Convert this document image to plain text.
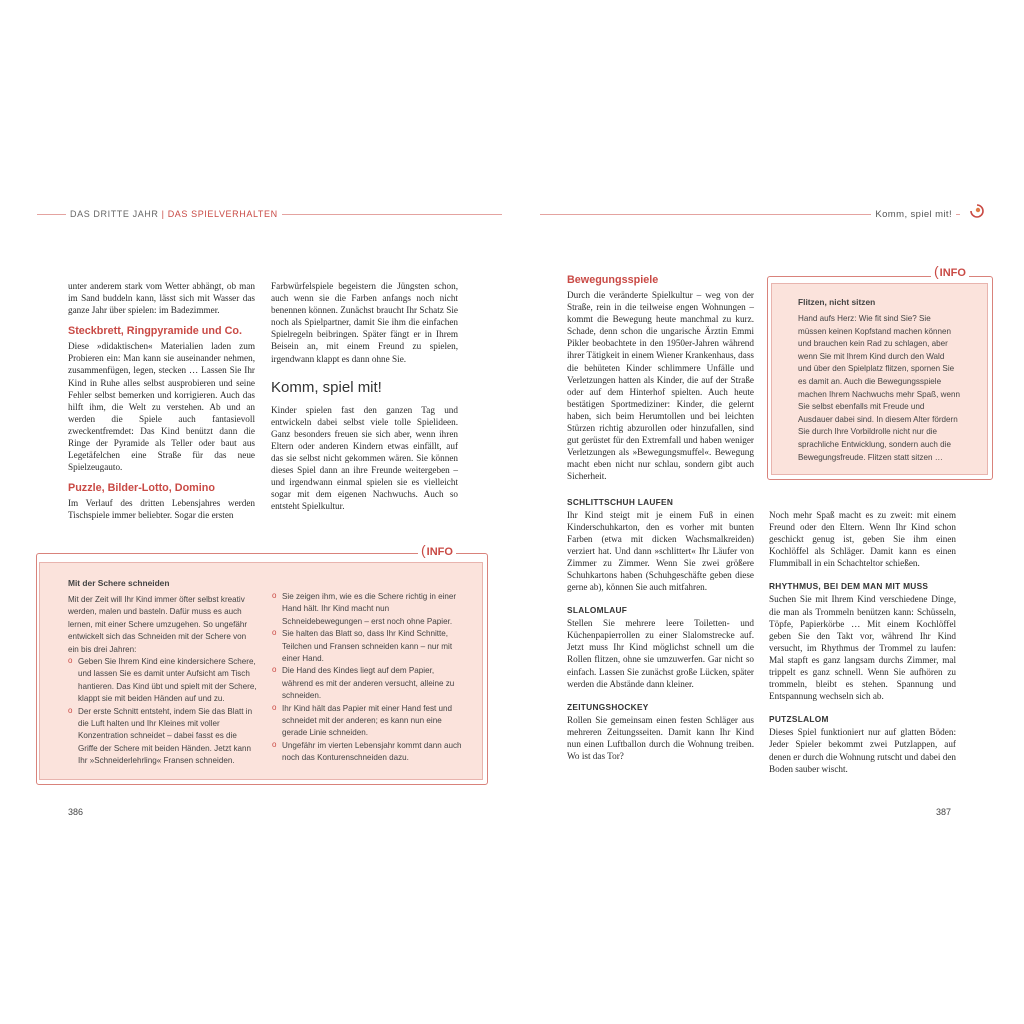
DAS DRITTE JAHR | DAS SPIELVERHALTEN	Komm, spiel mit!

unter anderem stark vom Wetter abhängt, ob man im Sand buddeln kann, lässt sich mit Wasser das ganze Jahr über spielen: im Badezimmer.

Steckbrett, Ringpyramide und Co.

Diese »didaktischen« Materialien laden zum Probieren ein: Man kann sie auseinander nehmen, zusammenfügen, legen, stecken … Lassen Sie Ihr Kind in Ruhe alles selbst ausprobieren und seine Fehler selbst bemerken und korrigieren. Auch das hilft ihm, die Welt zu verstehen. Ab und an werden die Spiele auch fantasievoll zweckentfremdet: Das Kind benützt dann die Ringe der Pyramide als Teller oder baut aus Legetäfelchen eine Straße für das neue Spielzeugauto.

Puzzle, Bilder-Lotto, Domino

Im Verlauf des dritten Lebensjahres werden Tischspiele immer beliebter. Sogar die ersten

Farbwürfelspiele begeistern die Jüngsten schon, auch wenn sie die Farben anfangs noch nicht benennen können. Zunächst braucht Ihr Schatz Sie noch als Spielpartner, damit Sie ihm die einfachen Spielregeln beibringen. Später fängt er in Ihrem Beisein an, mit einem Freund zu spielen, irgendwann klappt es dann ohne Sie.

Komm, spiel mit!

Kinder spielen fast den ganzen Tag und entwickeln dabei selbst viele tolle Spielideen. Ganz besonders freuen sie sich aber, wenn ihren Eltern oder anderen Kindern etwas einfällt, auf das sie selbst nicht gekommen wären. Sie können dieses Spiel dann an ihre Freunde weitergeben – und irgendwann einmal spielen sie es vielleicht sogar mit dem eigenen Nachwuchs. Auch so entsteht Spielkultur.

Mit der Schere schneiden
Mit der Zeit will Ihr Kind immer öfter selbst kreativ werden, malen und basteln. Dafür muss es auch lernen, mit einer Schere umzugehen. So ungefähr entwickelt sich das Schneiden mit der Schere von ein bis drei Jahren:
o Geben Sie Ihrem Kind eine kindersichere Schere, und lassen Sie es damit unter Aufsicht am Tisch hantieren. Das Kind übt und spielt mit der Schere, klappt sie mit beiden Händen auf und zu.
o Der erste Schnitt entsteht, indem Sie das Blatt in die Luft halten und Ihr Kleines mit voller Konzentration schneidet – dabei fasst es die Griffe der Schere mit beiden Händen. Jetzt kann Ihr »Schneiderlehrling« Fransen schneiden.
o Sie zeigen ihm, wie es die Schere richtig in einer Hand hält. Ihr Kind macht nun Schneidebewegungen – erst noch ohne Papier.
o Sie halten das Blatt so, dass Ihr Kind Schnitte, Teilchen und Fransen schneiden kann – nur mit einer Hand.
o Die Hand des Kindes liegt auf dem Papier, während es mit der anderen versucht, alleine zu schneiden.
o Ihr Kind hält das Papier mit einer Hand fest und schneidet mit der anderen; es kann nun eine gerade Linie schneiden.
o Ungefähr im vierten Lebensjahr kommt dann auch noch das Konturenschneiden dazu.
(INFO
386
Bewegungsspiele

Durch die veränderte Spielkultur – weg von der Straße, rein in die teilweise engen Wohnungen – kommt die Bewegung heute manchmal zu kurz. Schade, denn schon die ungarische Ärztin Emmi Pikler beobachtete in den 1950er-Jahren während ihrer Tätigkeit in einem Wiener Krankenhaus, dass die behüteten Kinder schlimmere Unfälle und Verletzungen hatten als Kinder, die auf der Straße oder auf dem Hinterhof spielten. Auch heute bestätigen Sportmediziner: Kinder, die gelernt haben, sich beim Herumtollen und bei leichten Stürzen richtig abzurollen oder hinzufallen, sind gut gerüstet für den Extremfall und haben weniger Verletzungen als »Bewegungsmuffel«. Bewegung macht eben nicht nur schlau, sondern gibt auch Sicherheit.

SCHLITTSCHUH LAUFEN

Ihr Kind steigt mit je einem Fuß in einen Kinderschuhkarton, den es vorher mit bunten Farben (etwa mit dicken Wachsmalkreiden) verziert hat. Und dann »schlittert« Ihr Läufer von Zimmer zu Zimmer. Wenn Sie zwei größere Schuhkartons haben (Schuhgeschäfte geben diese gerne ab), können Sie auch mitfahren.

SLALOMLAUF

Stellen Sie mehrere leere Toiletten- und Küchenpapierrollen zu einer Slalomstrecke auf. Jetzt muss Ihr Kind möglichst schnell um die Rollen flitzen, ohne sie umzuwerfen. Gar nicht so einfach. Lassen Sie zunächst große Lücken, später werden die Abstände dann kleiner.

ZEITUNGSHOCKEY

Rollen Sie gemeinsam einen festen Schläger aus mehreren Zeitungsseiten. Damit kann Ihr Kind nun einen Luftballon durch die Wohnung treiben. Wo ist das Tor?

Flitzen, nicht sitzen
Hand aufs Herz: Wie fit sind Sie? Sie müssen keinen Kopfstand machen können und brauchen kein Rad zu schlagen, aber wenn Sie mit Ihrem Kind durch den Wald und über den Spielplatz flitzen, spornen Sie es damit an. Auch die Bewegungsspiele machen Ihrem Nachwuchs mehr Spaß, wenn Sie selbst ebenfalls mit Freude und Ausdauer dabei sind. In diesem Alter fördern Sie durch Ihre Vorbildrolle nicht nur die sprachliche Entwicklung, sondern auch die Bewegungsfreude. Flitzen statt sitzen …
(INFO

Noch mehr Spaß macht es zu zweit: mit einem Freund oder den Eltern. Wenn Ihr Kind schon geschickt genug ist, geben Sie ihm einen Kochlöffel als Schläger. Damit kann es einen Flummiball in ein Schachteltor schießen.

RHYTHMUS, BEI DEM MAN MIT MUSS

Suchen Sie mit Ihrem Kind verschiedene Dinge, die man als Trommeln benützen kann: Schüsseln, Töpfe, Papierkörbe … Mit einem Kochlöffel geben Sie den Takt vor, während Ihr Kind versucht, im Rhythmus der Trommel zu laufen: Mal stapft es ganz langsam durchs Zimmer, mal trippelt es ganz schnell. Wenn Sie aufhören zu trommeln, bleibt es stehen. Spannung und Entspannung wechseln sich ab.

PUTZSLALOM

Dieses Spiel funktioniert nur auf glatten Böden: Jeder Spieler bekommt zwei Putzlappen, auf denen er durch die Wohnung rutscht und dabei den Boden sauber wischt.

387
